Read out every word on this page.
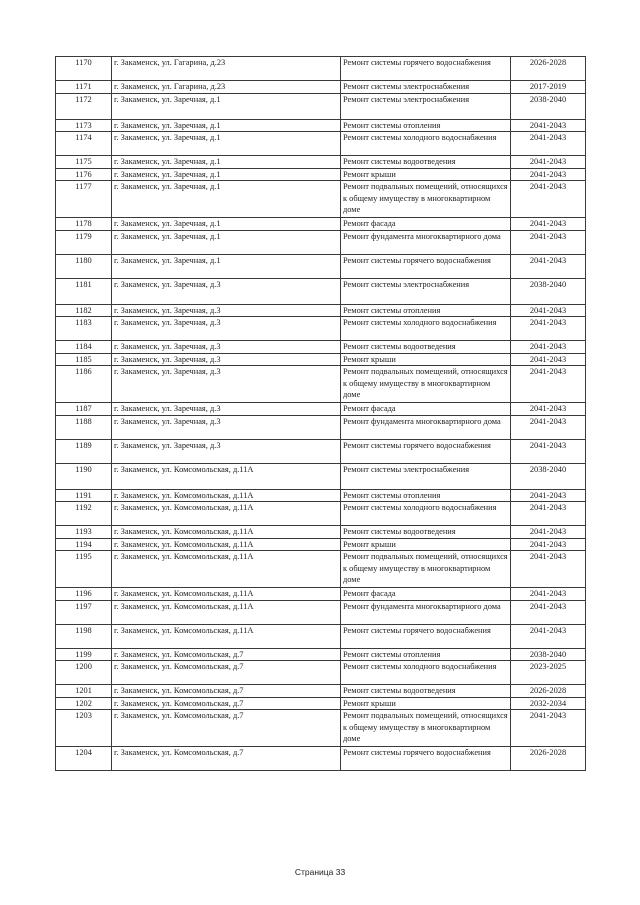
1170	г. Закаменск, ул. Гагарина, д.23	Ремонт системы горячего водоснабжения	2026-2028
1171	г. Закаменск, ул. Гагарина, д.23	Ремонт системы электроснабжения	2017-2019
1172	г. Закаменск, ул. Заречная, д.1	Ремонт системы электроснабжения	2038-2040
1173	г. Закаменск, ул. Заречная, д.1	Ремонт системы отопления	2041-2043
1174	г. Закаменск, ул. Заречная, д.1	Ремонт системы холодного водоснабжения	2041-2043
1175	г. Закаменск, ул. Заречная, д.1	Ремонт системы водоотведения	2041-2043
1176	г. Закаменск, ул. Заречная, д.1	Ремонт крыши	2041-2043
1177	г. Закаменск, ул. Заречная, д.1	Ремонт подвальных помещений, относящихся к общему имуществу в многоквартирном доме	2041-2043
1178	г. Закаменск, ул. Заречная, д.1	Ремонт фасада	2041-2043
1179	г. Закаменск, ул. Заречная, д.1	Ремонт фундамента многоквартирного дома	2041-2043
1180	г. Закаменск, ул. Заречная, д.1	Ремонт системы горячего водоснабжения	2041-2043
1181	г. Закаменск, ул. Заречная, д.3	Ремонт системы электроснабжения	2038-2040
1182	г. Закаменск, ул. Заречная, д.3	Ремонт системы отопления	2041-2043
1183	г. Закаменск, ул. Заречная, д.3	Ремонт системы холодного водоснабжения	2041-2043
1184	г. Закаменск, ул. Заречная, д.3	Ремонт системы водоотведения	2041-2043
1185	г. Закаменск, ул. Заречная, д.3	Ремонт крыши	2041-2043
1186	г. Закаменск, ул. Заречная, д.3	Ремонт подвальных помещений, относящихся к общему имуществу в многоквартирном доме	2041-2043
1187	г. Закаменск, ул. Заречная, д.3	Ремонт фасада	2041-2043
1188	г. Закаменск, ул. Заречная, д.3	Ремонт фундамента многоквартирного дома	2041-2043
1189	г. Закаменск, ул. Заречная, д.3	Ремонт системы горячего водоснабжения	2041-2043
1190	г. Закаменск, ул. Комсомольская, д.11А	Ремонт системы электроснабжения	2038-2040
1191	г. Закаменск, ул. Комсомольская, д.11А	Ремонт системы отопления	2041-2043
1192	г. Закаменск, ул. Комсомольская, д.11А	Ремонт системы холодного водоснабжения	2041-2043
1193	г. Закаменск, ул. Комсомольская, д.11А	Ремонт системы водоотведения	2041-2043
1194	г. Закаменск, ул. Комсомольская, д.11А	Ремонт крыши	2041-2043
1195	г. Закаменск, ул. Комсомольская, д.11А	Ремонт подвальных помещений, относящихся к общему имуществу в многоквартирном доме	2041-2043
1196	г. Закаменск, ул. Комсомольская, д.11А	Ремонт фасада	2041-2043
1197	г. Закаменск, ул. Комсомольская, д.11А	Ремонт фундамента многоквартирного дома	2041-2043
1198	г. Закаменск, ул. Комсомольская, д.11А	Ремонт системы горячего водоснабжения	2041-2043
1199	г. Закаменск, ул. Комсомольская, д.7	Ремонт системы отопления	2038-2040
1200	г. Закаменск, ул. Комсомольская, д.7	Ремонт системы холодного водоснабжения	2023-2025
1201	г. Закаменск, ул. Комсомольская, д.7	Ремонт системы водоотведения	2026-2028
1202	г. Закаменск, ул. Комсомольская, д.7	Ремонт крыши	2032-2034
1203	г. Закаменск, ул. Комсомольская, д.7	Ремонт подвальных помещений, относящихся к общему имуществу в многоквартирном доме	2041-2043
1204	г. Закаменск, ул. Комсомольская, д.7	Ремонт системы горячего водоснабжения	2026-2028
Страница 33
